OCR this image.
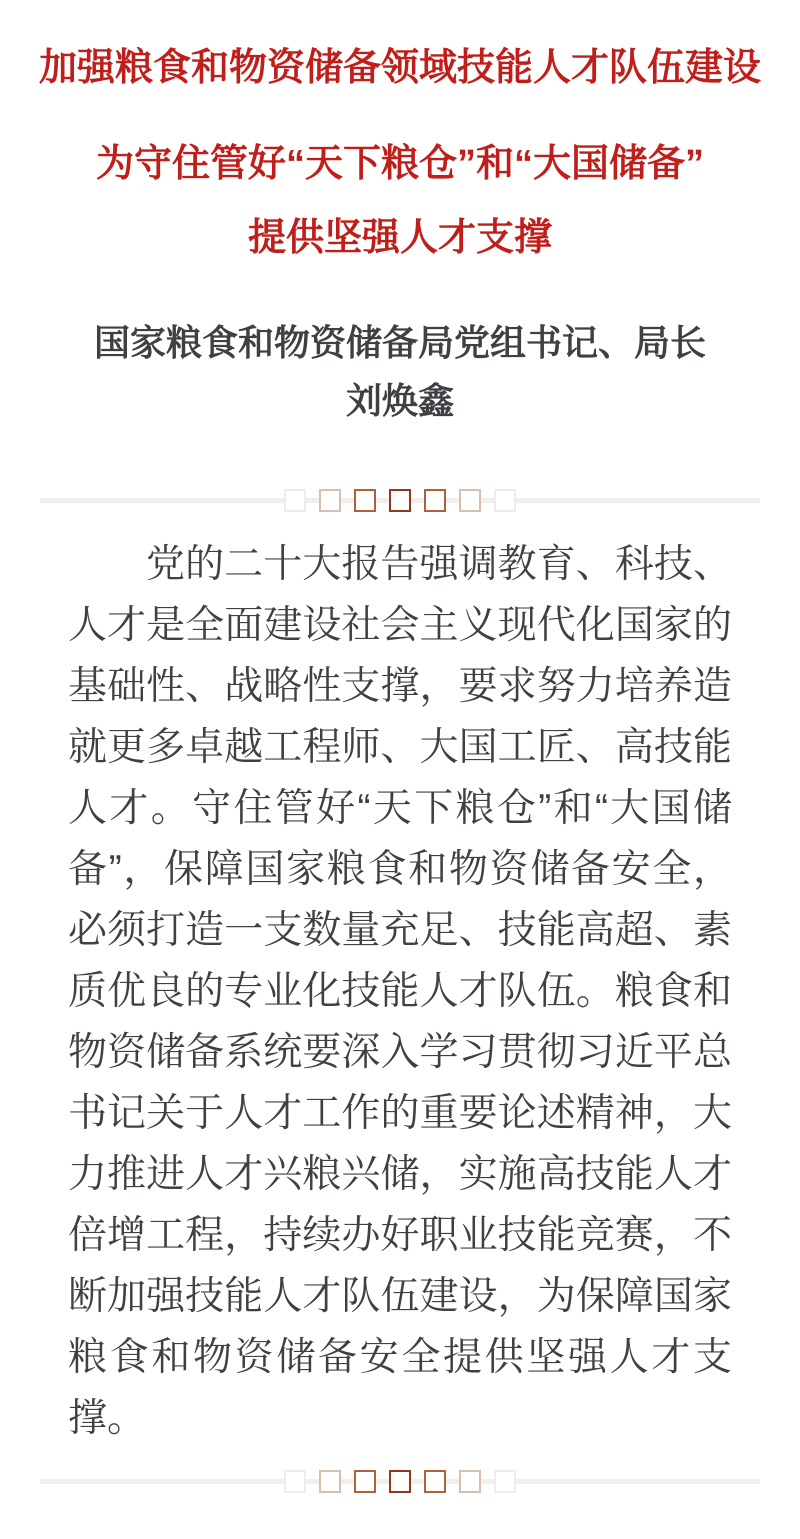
加强粮食和物资储备领域技能人才队伍建设
为守住管好“天下粮仓”和“大国储备”
提供坚强人才支撑
国家粮食和物资储备局党组书记、局长
刘焕鑫
党的二十大报告强调教育、科技、
人才是全面建设社会主义现代化国家的
基础性、战略性支撑，要求努力培养造
就更多卓越工程师、大国工匠、高技能
人才。守住管好“天下粮仓”和“大国储
备”，保障国家粮食和物资储备安全，
必须打造一支数量充足、技能高超、素
质优良的专业化技能人才队伍。粮食和
物资储备系统要深入学习贯彻习近平总
书记关于人才工作的重要论述精神，大
力推进人才兴粮兴储，实施高技能人才
倍增工程，持续办好职业技能竞赛，不
断加强技能人才队伍建设，为保障国家
粮食和物资储备安全提供坚强人才支
撑。
